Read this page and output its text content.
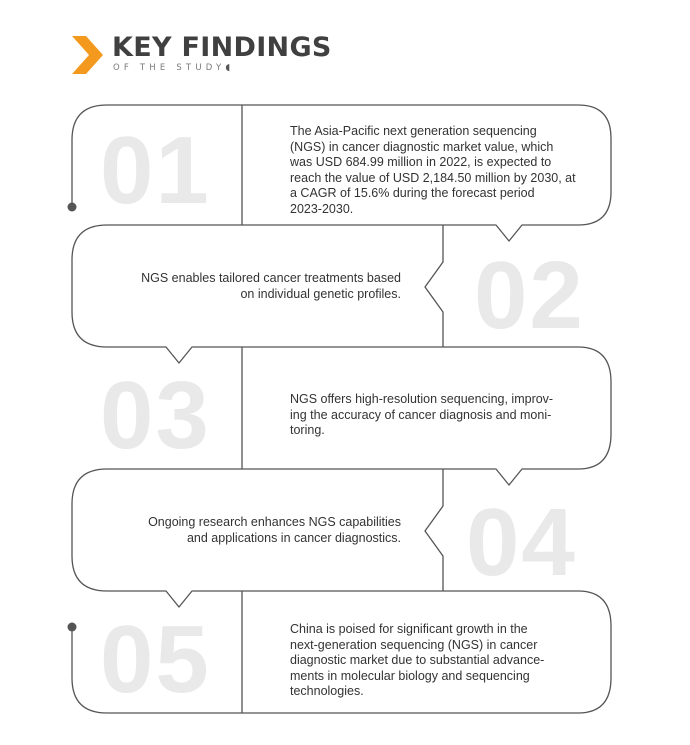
KEY FINDINGS
OF THE STUDY◖
01	The Asia-Pacific next generation sequencing
(NGS) in cancer diagnostic market value, which
was USD 684.99 million in 2022, is expected to
reach the value of USD 2,184.50 million by 2030, at
a CAGR of 15.6% during the forecast period
2023-2030.
02
NGS enables tailored cancer treatments based
on individual genetic profiles.
03	NGS offers high-resolution sequencing, improv-
ing the accuracy of cancer diagnosis and moni-
toring.
04
Ongoing research enhances NGS capabilities
and applications in cancer diagnostics.
05	China is poised for significant growth in the
next-generation sequencing (NGS) in cancer
diagnostic market due to substantial advance-
ments in molecular biology and sequencing
technologies.
